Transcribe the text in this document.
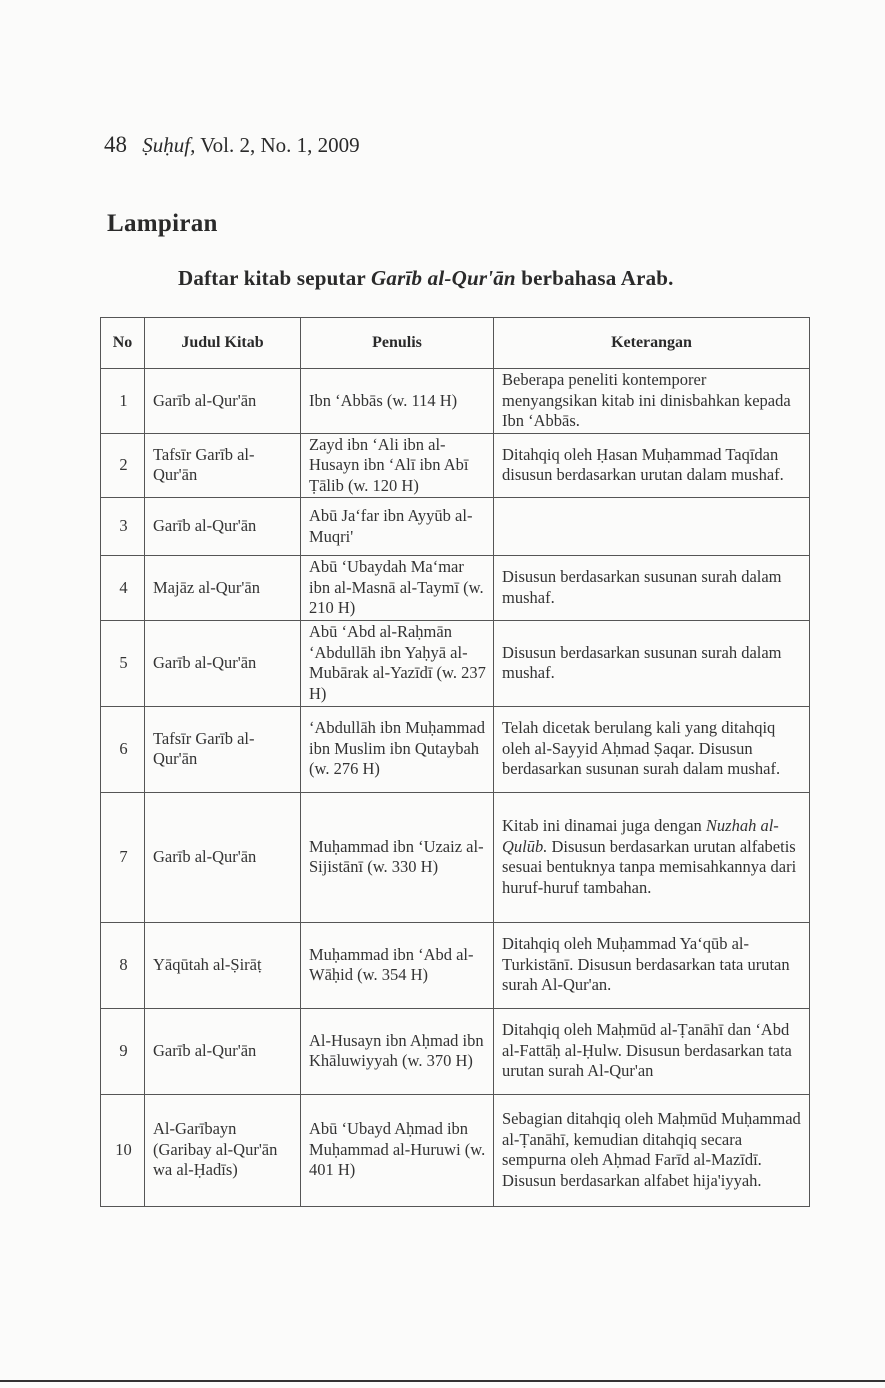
48 Ṣuḥuf, Vol. 2, No. 1, 2009
Lampiran
Daftar kitab seputar Garīb al-Qur'ān berbahasa Arab.
No	Judul Kitab	Penulis	Keterangan
1	Garīb al-Qur'ān	Ibn ‘Abbās (w. 114 H)	Beberapa peneliti kontemporer menyangsikan kitab ini dinisbahkan kepada Ibn ‘Abbās.
2	Tafsīr Garīb al-Qur'ān	Zayd ibn ‘Ali ibn al-Husayn ibn ‘Alī ibn Abī Ṭālib (w. 120 H)	Ditahqiq oleh Ḥasan Muḥammad Taqīdan disusun berdasarkan urutan dalam mushaf.
3	Garīb al-Qur'ān	Abū Ja‘far ibn Ayyūb al-Muqri'	
4	Majāz al-Qur'ān	Abū ‘Ubaydah Ma‘mar ibn al-Masnā al-Taymī (w. 210 H)	Disusun berdasarkan susunan surah dalam mushaf.
5	Garīb al-Qur'ān	Abū ‘Abd al-Raḥmān ‘Abdullāh ibn Yaḥyā al-Mubārak al-Yazīdī (w. 237 H)	Disusun berdasarkan susunan surah dalam mushaf.
6	Tafsīr Garīb al-Qur'ān	‘Abdullāh ibn Muḥammad ibn Muslim ibn Qutaybah (w. 276 H)	Telah dicetak berulang kali yang ditahqiq oleh al-Sayyid Aḥmad Ṣaqar. Disusun berdasarkan susunan surah dalam mushaf.
7	Garīb al-Qur'ān	Muḥammad ibn ‘Uzaiz al-Sijistānī (w. 330 H)	Kitab ini dinamai juga dengan Nuzhah al-Qulūb. Disusun berdasarkan urutan alfabetis sesuai bentuknya tanpa memisahkannya dari huruf-huruf tambahan.
8	Yāqūtah al-Ṣirāṭ	Muḥammad ibn ‘Abd al-Wāḥid (w. 354 H)	Ditahqiq oleh Muḥammad Ya‘qūb al-Turkistānī. Disusun berdasarkan tata urutan surah Al-Qur'an.
9	Garīb al-Qur'ān	Al-Husayn ibn Aḥmad ibn Khāluwiyyah (w. 370 H)	Ditahqiq oleh Maḥmūd al-Ṭanāhī dan ‘Abd al-Fattāḥ al-Ḥulw. Disusun berdasarkan tata urutan surah Al-Qur'an
10	Al-Garībayn (Garibay al-Qur'ān wa al-Ḥadīs)	Abū ‘Ubayd Aḥmad ibn Muḥammad al-Huruwi (w. 401 H)	Sebagian ditahqiq oleh Maḥmūd Muḥammad al-Ṭanāhī, kemudian ditahqiq secara sempurna oleh Aḥmad Farīd al-Mazīdī. Disusun berdasarkan alfabet hija'iyyah.
